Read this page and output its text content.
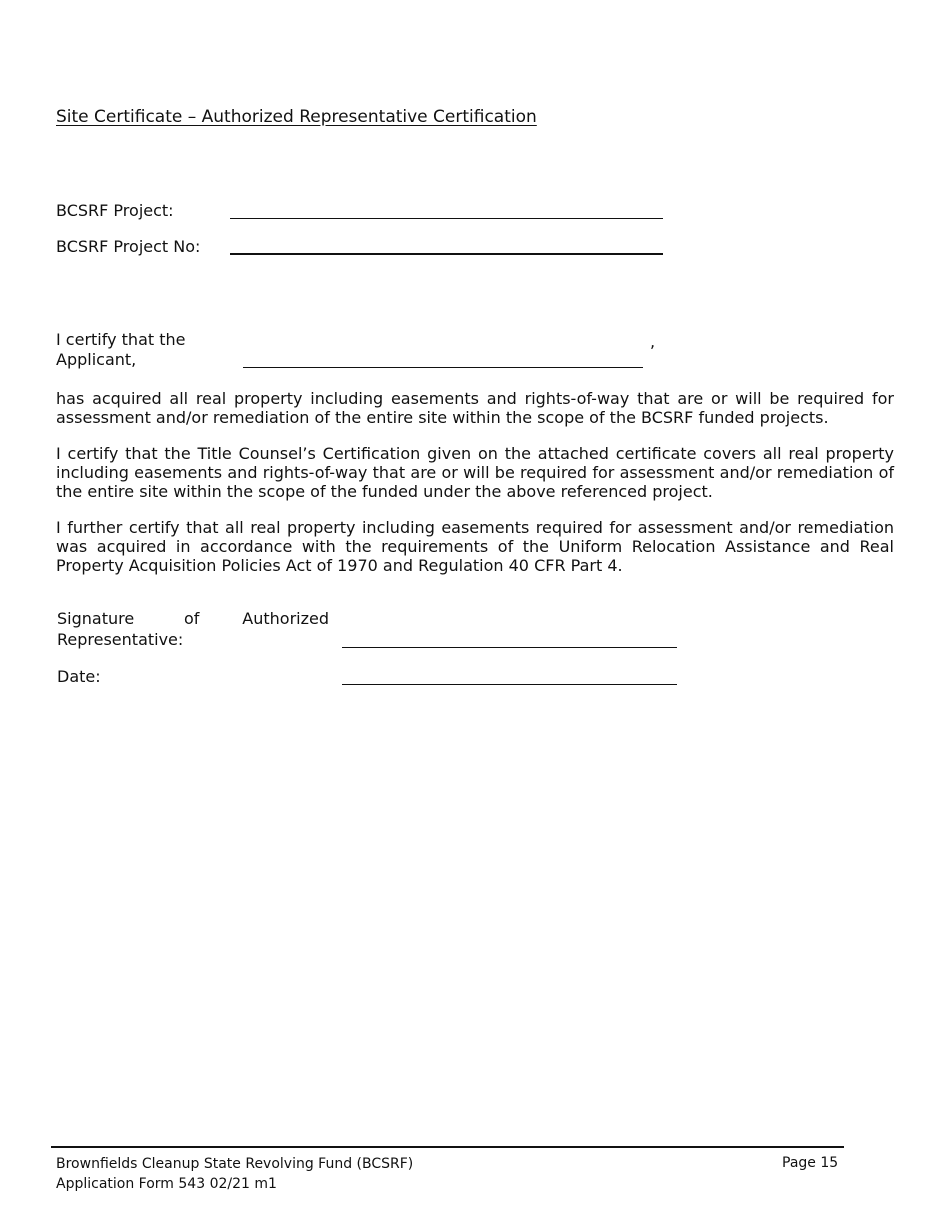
Site Certificate – Authorized Representative Certification
BCSRF Project:
BCSRF Project No:
I certify that the
Applicant,
,
has acquired all real property including easements and rights-of-way that are or will be required for assessment and/or remediation of the entire site within the scope of the BCSRF funded projects.
I certify that the Title Counsel’s Certification given on the attached certificate covers all real property including easements and rights-of-way that are or will be required for assessment and/or remediation of the entire site within the scope of the funded under the above referenced project.
I further certify that all real property including easements required for assessment and/or remediation was acquired in accordance with the requirements of the Uniform Relocation Assistance and Real Property Acquisition Policies Act of 1970 and Regulation 40 CFR Part 4.
Signature	of	Authorized
Representative:
Date:
Brownfields Cleanup State Revolving Fund (BCSRF)
Application Form 543 02/21 m1
Page 15
